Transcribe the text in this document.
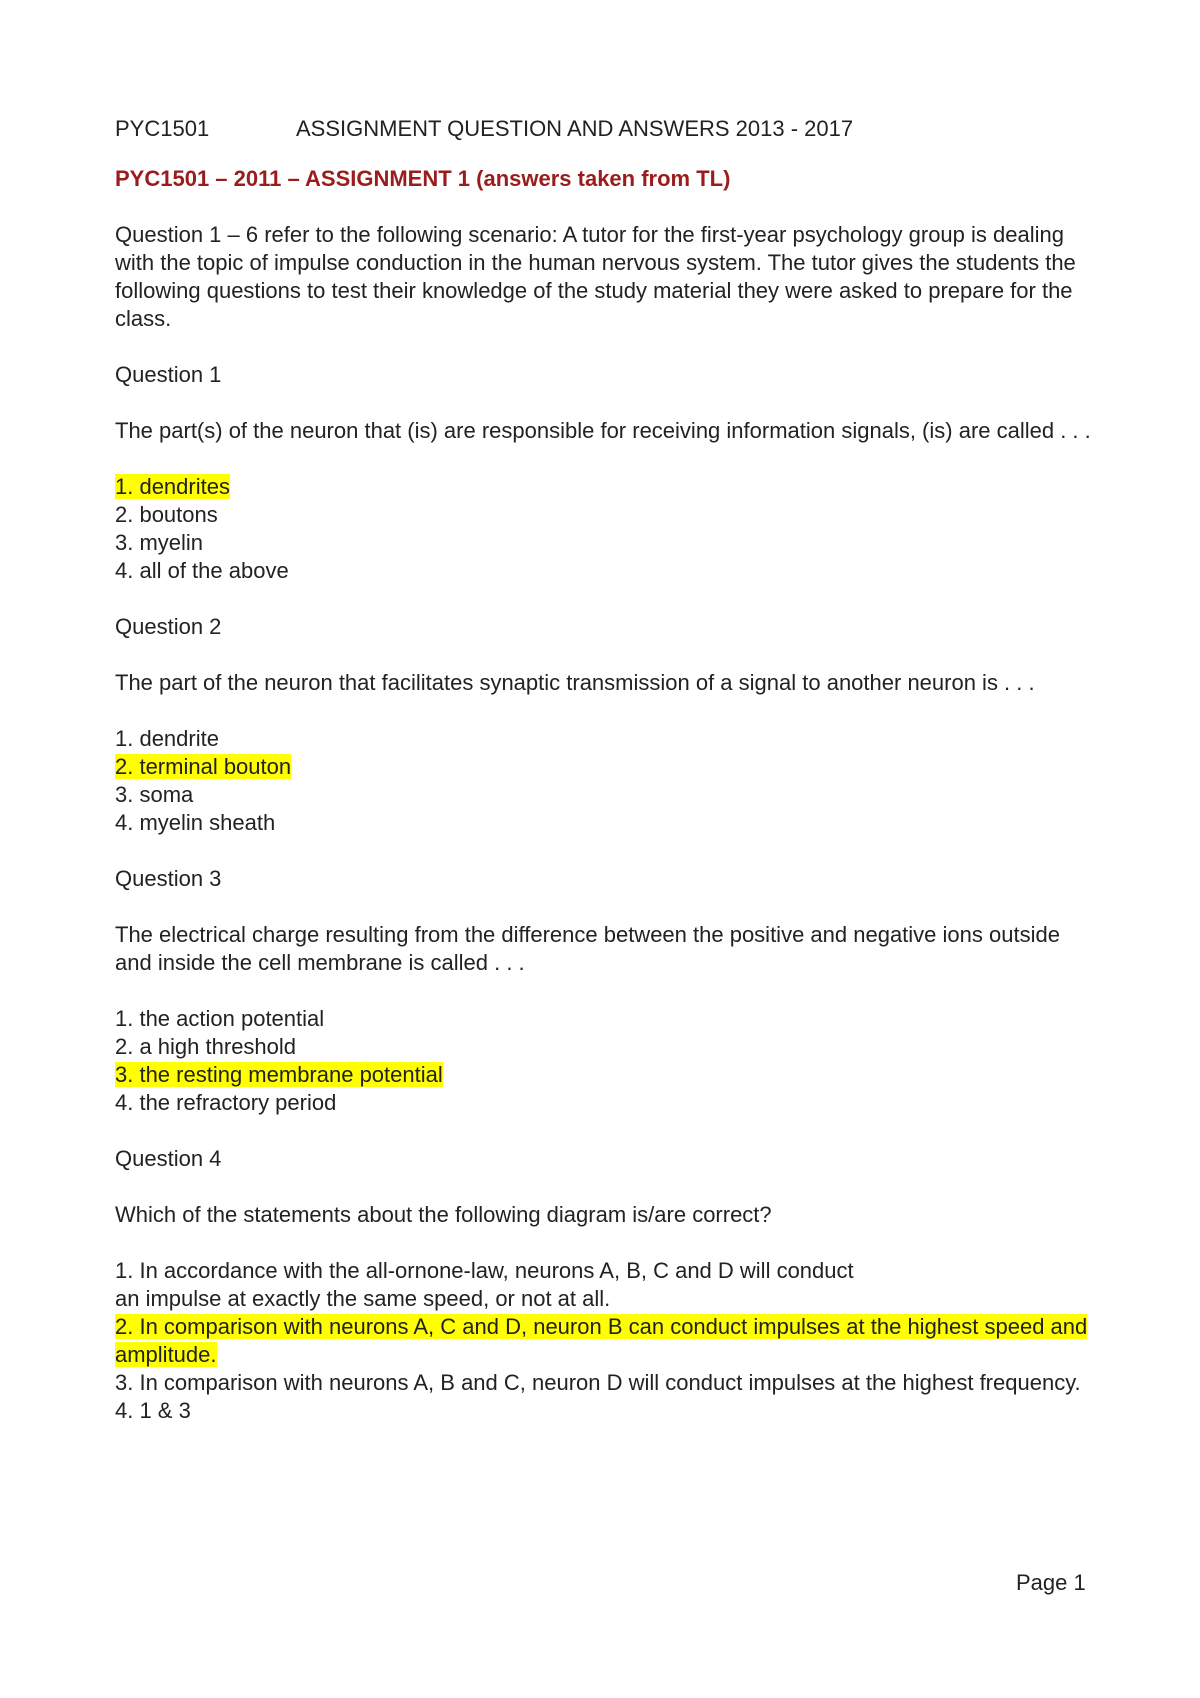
PYC1501	ASSIGNMENT QUESTION AND ANSWERS 2013 - 2017
PYC1501 – 2011 – ASSIGNMENT 1 (answers taken from TL)
Question 1 – 6 refer to the following scenario: A tutor for the first-year psychology group is dealing with the topic of impulse conduction in the human nervous system. The tutor gives the students the following questions to test their knowledge of the study material they were asked to prepare for the class.
Question 1
The part(s) of the neuron that (is) are responsible for receiving information signals, (is) are called . . .
1. dendrites
2. boutons
3. myelin
4. all of the above
Question 2
The part of the neuron that facilitates synaptic transmission of a signal to another neuron is . . .
1. dendrite
2. terminal bouton
3. soma
4. myelin sheath
Question 3
The electrical charge resulting from the difference between the positive and negative ions outside and inside the cell membrane is called . . .
1. the action potential
2. a high threshold
3. the resting membrane potential
4. the refractory period
Question 4
Which of the statements about the following diagram is/are correct?
1. In accordance with the all-ornone-law, neurons A, B, C and D will conduct an impulse at exactly the same speed, or not at all.
2. In comparison with neurons A, C and D, neuron B can conduct impulses at the highest speed and amplitude.
3. In comparison with neurons A, B and C, neuron D will conduct impulses at the highest frequency.
4. 1 & 3
Page 1
